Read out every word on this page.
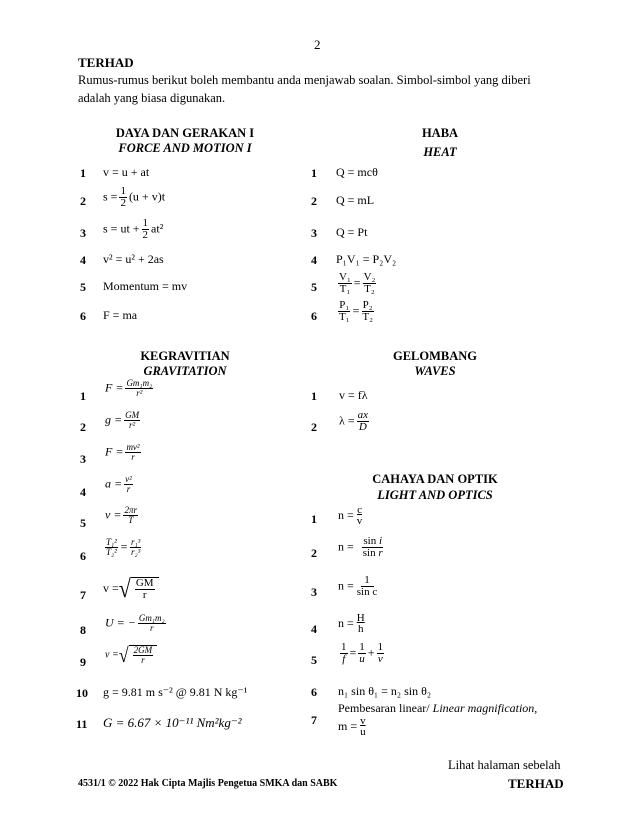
2
TERHAD
Rumus-rumus berikut boleh membantu anda menjawab soalan. Simbol-simbol yang diberi
adalah yang biasa digunakan.
DAYA DAN GERAKAN I
FORCE AND MOTION I
HABA
HEAT
1
2
3
4
5
6
v = u + at
$s = \frac{1}{2} (u + v)t$
s = ut + $\frac{1}{2} at^2$
v² = u² + 2as
Momentum = mv
F = ma
1
2
3
4
5
6
Q = mcθ
Q = mL
Q = Pt
P₁V₁ = P₂V₂
$\frac{\text{V₁}}{\text{T₁}} = \frac{\text{V₂}}{\text{T₂}}$
$\frac{\text{P₁}}{\text{T₁}} = \frac{\text{P₂}}{\text{T₂}}$
KEGRAVITIAN
GRAVITATION
GELOMBANG
WAVES
1
2
3
4
5
6
7
8
9
10
11
$F = \frac{\text{Gm₁m₂}}{\text{r²}}$
$g = \frac{GM}{\text{r²}}$
$F = \frac{\text{mv²}}{r}$
$a = \frac{\text{v²}}{r}$
$v = \frac{2\pi r}{T}$
$\frac{\text{T₁²}}{\text{T₂²}} = \frac{\text{r₁³}}{\text{r₂³}}$
v = √ $\frac{GM}{r}$
U = − $\frac{\text{Gm₁m₂}}{r}$
v = √ $\frac{2GM}{r}$
g = 9.81 m s⁻² @ 9.81 N kg⁻¹
G = 6.67 × 10⁻¹¹ Nm²kg⁻²
1
2
v = fλ
$\lambda = \frac{ax}{D}$
CAHAYA DAN OPTIK
LIGHT AND OPTICS
1
2
3
4
5
6
7
$n = \frac{c}{v}$
$n = \frac{\text{sin i}}{\text{sin r}}$
$n = \frac{1}{\text{sin c}}$
$n = \frac{H}{h}$
$\frac{1}{f} = \frac{1}{u} + \frac{1}{v}$
n₁ sin θ₁ = n₂ sin θ₂
Pembesaran linear/ Linear magnification,
$m = \frac{v}{u}$
Lihat halaman sebelah
4531/1 © 2022 Hak Cipta Majlis Pengetua SMKA dan SABK	TERHAD
